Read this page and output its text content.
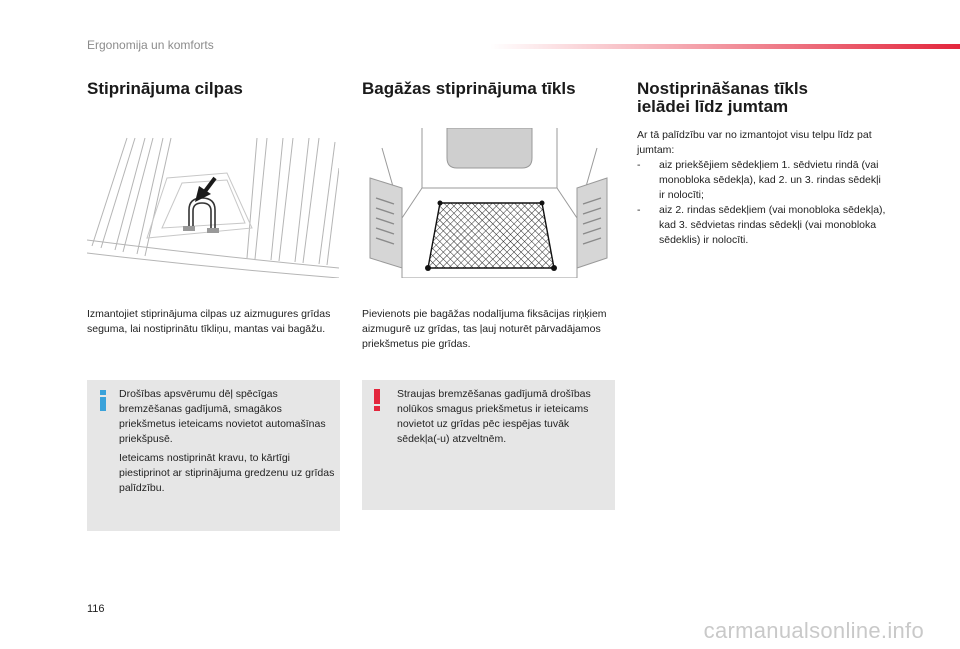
Ergonomija un komforts
Stiprinājuma cilpas
Izmantojiet stiprinājuma cilpas uz aizmugures grīdas seguma, lai nostiprinātu tīkliņu, mantas vai bagāžu.
Drošības apsvērumu dēļ spēcīgas bremzēšanas gadījumā, smagākos priekšmetus ieteicams novietot automašīnas priekšpusē.
Ieteicams nostiprināt kravu, to kārtīgi piestiprinot ar stiprinājuma gredzenu uz grīdas palīdzību.
Bagāžas stiprinājuma tīkls
Pievienots pie bagāžas nodalījuma fiksācijas riņķiem aizmugurē uz grīdas, tas ļauj noturēt pārvadājamos priekšmetus pie grīdas.
Straujas bremzēšanas gadījumā drošības nolūkos smagus priekšmetus ir ieteicams novietot uz grīdas pēc iespējas tuvāk sēdekļa(-u) atzveltnēm.
Nostiprināšanas tīkls
ielādei līdz jumtam
Ar tā palīdzību var no izmantojot visu telpu līdz pat jumtam:
- aiz priekšējiem sēdekļiem 1. sēdvietu rindā (vai monobloka sēdekļa), kad 2. un 3. rindas sēdekļi ir nolocīti;
- aiz 2. rindas sēdekļiem (vai monobloka sēdekļa), kad 3. sēdvietas rindas sēdekļi (vai monobloka sēdeklis) ir nolocīti.
116
carmanualsonline.info
